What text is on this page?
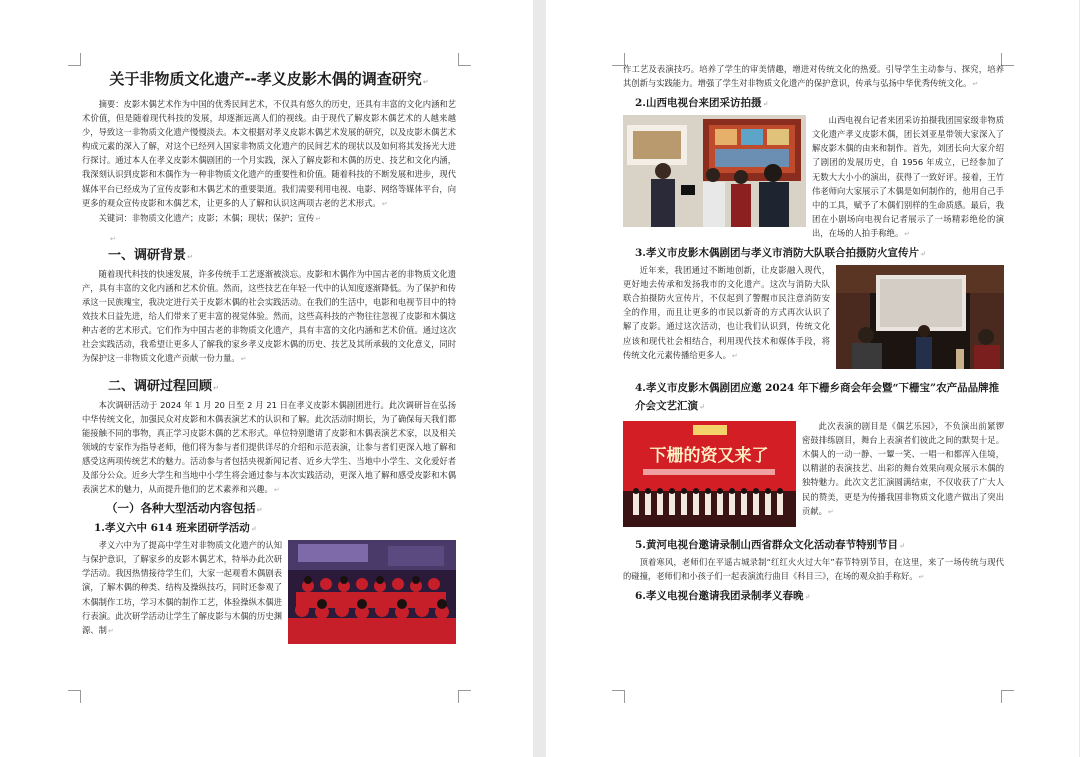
关于非物质文化遗产--孝义皮影木偶的调查研究↵

摘要：皮影木偶艺术作为中国的优秀民间艺术，不仅具有悠久的历史，还具有丰富的文化内涵和艺术价值，但是随着现代科技的发展，却逐渐远离人们的视线。由于现代了解皮影木偶艺术的人越来越少，导致这一非物质文化遗产慢慢淡去。本文根据对孝义皮影木偶艺术发展的研究，以及皮影木偶艺术构成元素的深入了解，对这个已经列入国家非物质文化遗产的民间艺术的现状以及如何将其发扬光大进行探讨。通过本人在孝义皮影木偶剧团的一个月实践，深入了解皮影和木偶的历史、技艺和文化内涵，我深刻认识到皮影和木偶作为一种非物质文化遗产的重要性和价值。随着科技的不断发展和进步，现代媒体平台已经成为了宣传皮影和木偶艺术的重要渠道。我们需要利用电视、电影、网络等媒体平台，向更多的观众宣传皮影和木偶艺术，让更多的人了解和认识这两项古老的艺术形式。↵

关键词：非物质文化遗产；皮影；木偶；现状；保护；宣传↵

↵

一、调研背景↵

随着现代科技的快速发展，许多传统手工艺逐渐被淡忘。皮影和木偶作为中国古老的非物质文化遗产，具有丰富的文化内涵和艺术价值。然而，这些技艺在年轻一代中的认知度逐渐降低。为了保护和传承这一民族瑰宝，我决定进行关于皮影木偶的社会实践活动。在我们的生活中，电影和电视节目中的特效技术日益先进，给人们带来了更丰富的视觉体验。然而，这些高科技的产物往往忽视了皮影和木偶这种古老的艺术形式。它们作为中国古老的非物质文化遗产，具有丰富的文化内涵和艺术价值。通过这次社会实践活动，我希望让更多人了解我的家乡孝义皮影木偶的历史、技艺及其所承载的文化意义，同时为保护这一非物质文化遗产贡献一份力量。↵

二、调研过程回顾↵

本次调研活动于 2024 年 1 月 20 日至 2 月 21 日在孝义皮影木偶剧团进行。此次调研旨在弘扬中华传统文化，加强民众对皮影和木偶表演艺术的认识和了解。此次活动时期长，为了确保每天我们都能接触不同的事物，真正学习皮影木偶的艺术形式。单位特别邀请了皮影和木偶表演艺术家，以及相关领域的专家作为指导老师，他们将为参与者们提供详尽的介绍和示范表演，让参与者们更深入地了解和感受这两项传统艺术的魅力。活动参与者包括央视新闻记者、近乡大学生、当地中小学生、文化爱好者及部分公众。近乡大学生和当地中小学生将会通过参与本次实践活动，更深入地了解和感受皮影和木偶表演艺术的魅力，从而提升他们的艺术素养和兴趣。↵

（一）各种大型活动内容包括↵

1.孝义六中 614 班来团研学活动↵

孝义六中为了提高中学生对非物质文化遗产的认知与保护意识，了解家乡的皮影木偶艺术，特举办此次研学活动。我因热情接待学生们，大家一起观看木偶剧表演，了解木偶的种类、结构及操纵技巧，同时还参观了木偶制作工坊，学习木偶的制作工艺，体验操纵木偶进行表演。此次研学活动让学生了解皮影与木偶的历史渊源、制↵

作工艺及表演技巧。培养了学生的审美情趣，增进对传统文化的热爱。引导学生主动参与、探究，培养其创新与实践能力。增强了学生对非物质文化遗产的保护意识，传承与弘扬中华优秀传统文化。↵

2.山西电视台来团采访拍摄↵

山西电视台记者来团采访拍摄我团国家级非物质文化遗产孝义皮影木偶，团长刘亚星带领大家深入了解皮影木偶的由来和制作。首先，刘团长向大家介绍了剧团的发展历史，自 1956 年成立，已经参加了无数大大小小的演出，获得了一致好评。接着，王竹伟老师向大家展示了木偶是如何制作的，他用自己手中的工具，赋予了木偶们别样的生命质感。最后，我团在小剧场向电视台记者展示了一场精彩绝伦的演出，在场的人拍手称绝。↵

3.孝义市皮影木偶剧团与孝义市消防大队联合拍摄防火宣传片↵

近年来，我团通过不断地创新，让皮影融入现代，更好地去传承和发扬我市的文化遗产。这次与消防大队联合拍摄防火宣传片，不仅起到了警醒市民注意消防安全的作用，而且让更多的市民以新奇的方式再次认识了解了皮影。通过这次活动，也让我们认识到，传统文化应该和现代社会相结合，利用现代技术和媒体手段，将传统文化元素传播给更多人。↵

4.孝义市皮影木偶剧团应邀 2024 年下栅乡商会年会暨“下栅宝”农产品品牌推介会文艺汇演↵

下栅的资又来了

此次表演的剧目是《偶艺乐园》，不负演出前紧锣密鼓排练剧目，舞台上表演者们彼此之间的默契十足。木偶人的一动一静、一颦一笑、一唱一和都浑入佳境，以精湛的表演技艺、出彩的舞台效果向观众展示木偶的独特魅力。此次文艺汇演圆满结束，不仅收获了广大人民的赞美，更是为传播我国非物质文化遗产做出了突出贡献。↵

5.黄河电视台邀请录制山西省群众文化活动春节特别节目↵

顶着寒风，老师们在平遥古城录制“红红火火过大年”春节特别节目，在这里，来了一场传统与现代的碰撞，老师们和小孩子们一起表演流行曲目《科目三》，在场的观众拍手称好。↵

6.孝义电视台邀请我团录制孝义春晚↵
